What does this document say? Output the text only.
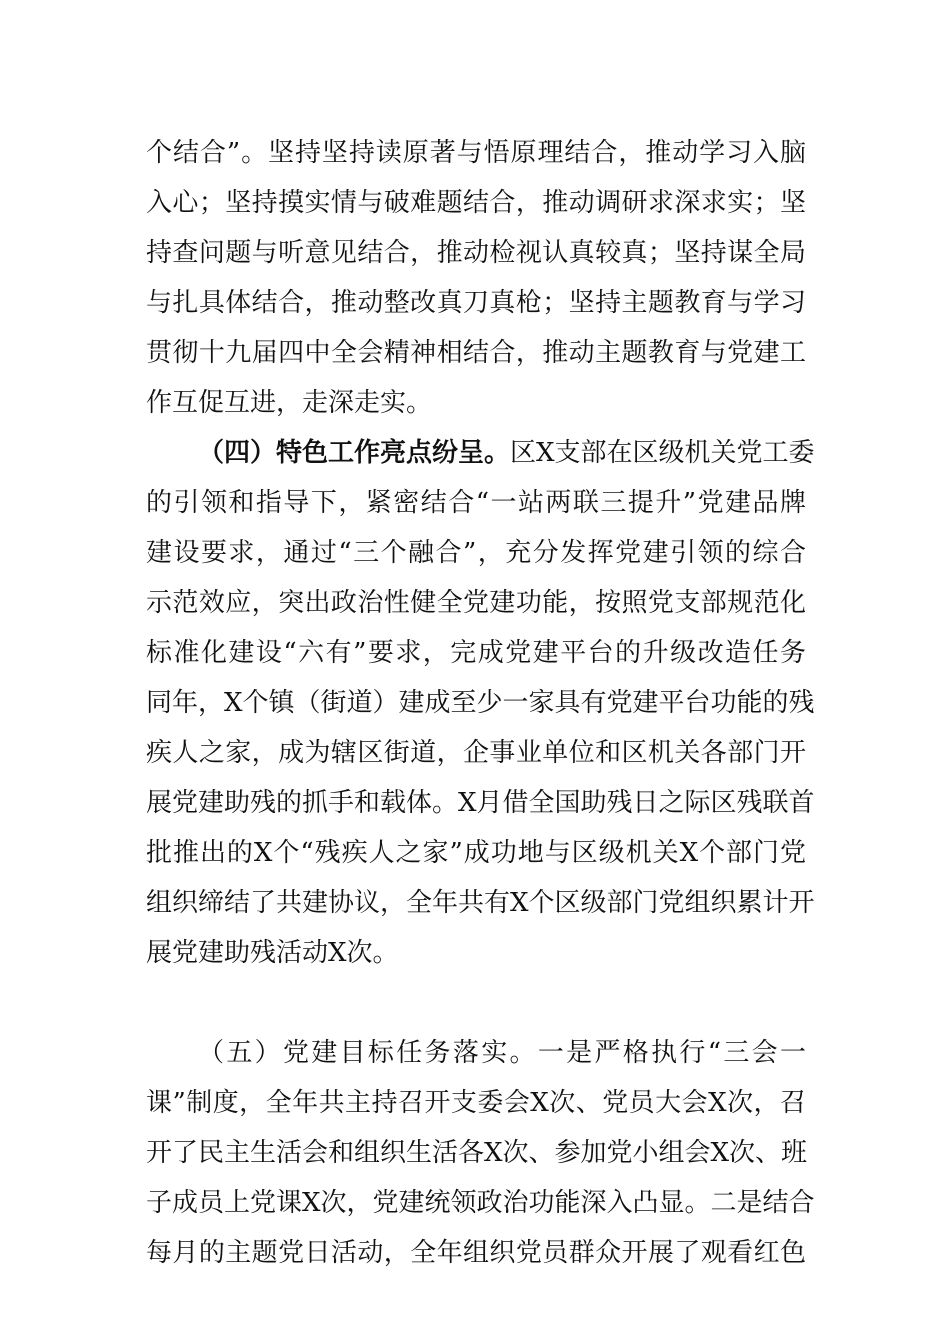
个结合”。坚持坚持读原著与悟原理结合，推动学习入脑
入心；坚持摸实情与破难题结合，推动调研求深求实；坚
持查问题与听意见结合，推动检视认真较真；坚持谋全局
与扎具体结合，推动整改真刀真枪；坚持主题教育与学习
贯彻十九届四中全会精神相结合，推动主题教育与党建工
作互促互进，走深走实。
（四）特色工作亮点纷呈。区X支部在区级机关党工委
的引领和指导下，紧密结合“一站两联三提升”党建品牌
建设要求，通过“三个融合”，充分发挥党建引领的综合
示范效应，突出政治性健全党建功能，按照党支部规范化
标准化建设“六有”要求，完成党建平台的升级改造任务
同年，X个镇（街道）建成至少一家具有党建平台功能的残
疾人之家，成为辖区街道，企事业单位和区机关各部门开
展党建助残的抓手和载体。X月借全国助残日之际区残联首
批推出的X个“残疾人之家”成功地与区级机关X个部门党
组织缔结了共建协议，全年共有X个区级部门党组织累计开
展党建助残活动X次。
（五）党建目标任务落实。一是严格执行“三会一
课”制度，全年共主持召开支委会X次、党员大会X次，召
开了民主生活会和组织生活各X次、参加党小组会X次、班
子成员上党课X次，党建统领政治功能深入凸显。二是结合
每月的主题党日活动，全年组织党员群众开展了观看红色
